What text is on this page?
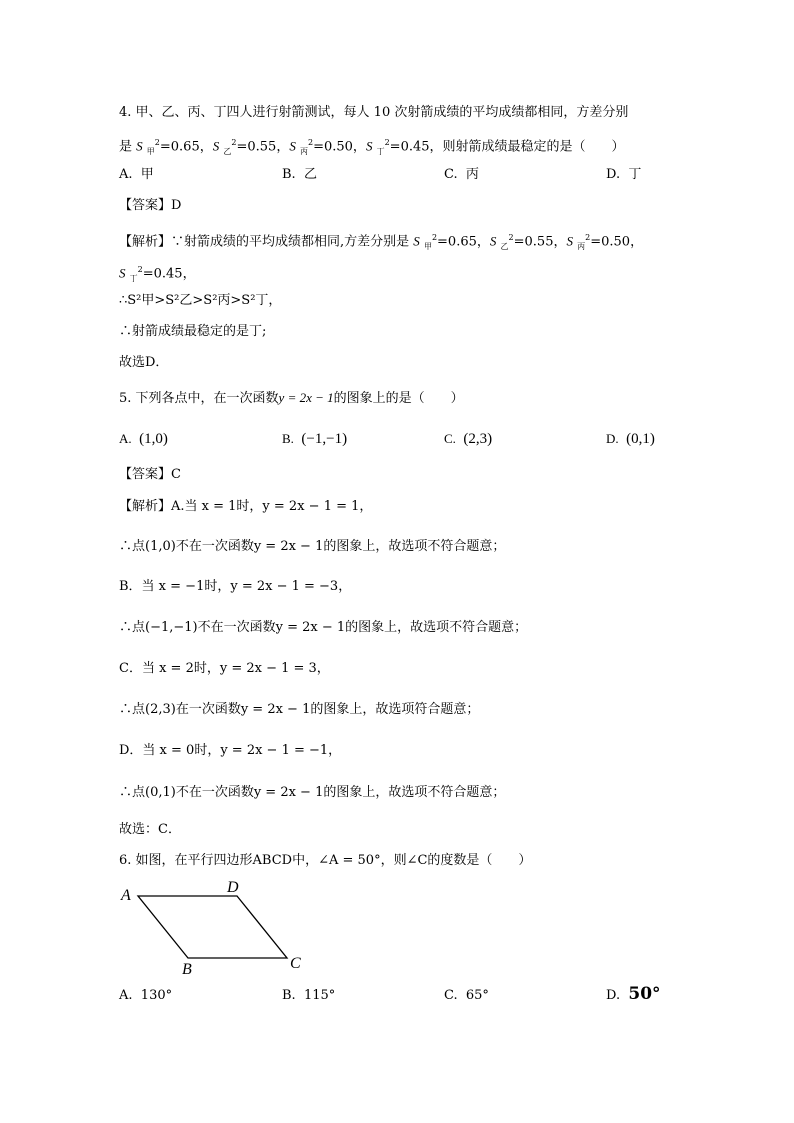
4. 甲、乙、丙、丁四人进行射箭测试，每人 10 次射箭成绩的平均成绩都相同，方差分别
是 S $_甲^2$=0.65，S $_乙^2$=0.55，S $_丙^2$=0.50，S $_丁^2$=0.45，则射箭成绩最稳定的是（　　）
A. 甲	B. 乙	C. 丙	D. 丁
【答案】D
【解析】∵射箭成绩的平均成绩都相同,方差分别是 S $_甲^2$=0.65，S $_乙^2$=0.55，S $_丙^2$=0.50，
S $_丁^2$=0.45，
∴S²甲>S²乙>S²丙>S²丁，
∴射箭成绩最稳定的是丁;
故选D．
5. 下列各点中，在一次函数y = 2x − 1的图象上的是（　　）
A. (1,0)	B. (−1,−1)	C. (2,3)	D. (0,1)
【答案】C
【解析】A.当 x = 1时，y = 2x − 1 = 1，
∴点(1,0)不在一次函数y = 2x − 1的图象上，故选项不符合题意；
B．当 x = −1时，y = 2x − 1 = −3，
∴点(−1,−1)不在一次函数y = 2x − 1的图象上，故选项不符合题意；
C．当 x = 2时，y = 2x − 1 = 3，
∴点(2,3)在一次函数y = 2x − 1的图象上，故选项符合题意；
D．当 x = 0时，y = 2x − 1 = −1，
∴点(0,1)不在一次函数y = 2x − 1的图象上，故选项不符合题意；
故选：C．
6. 如图，在平行四边形ABCD中，∠A = 50°，则∠C的度数是（　　）
A
B	C
D
A. 130°	B. 115°	C. 65°	D. 50°
